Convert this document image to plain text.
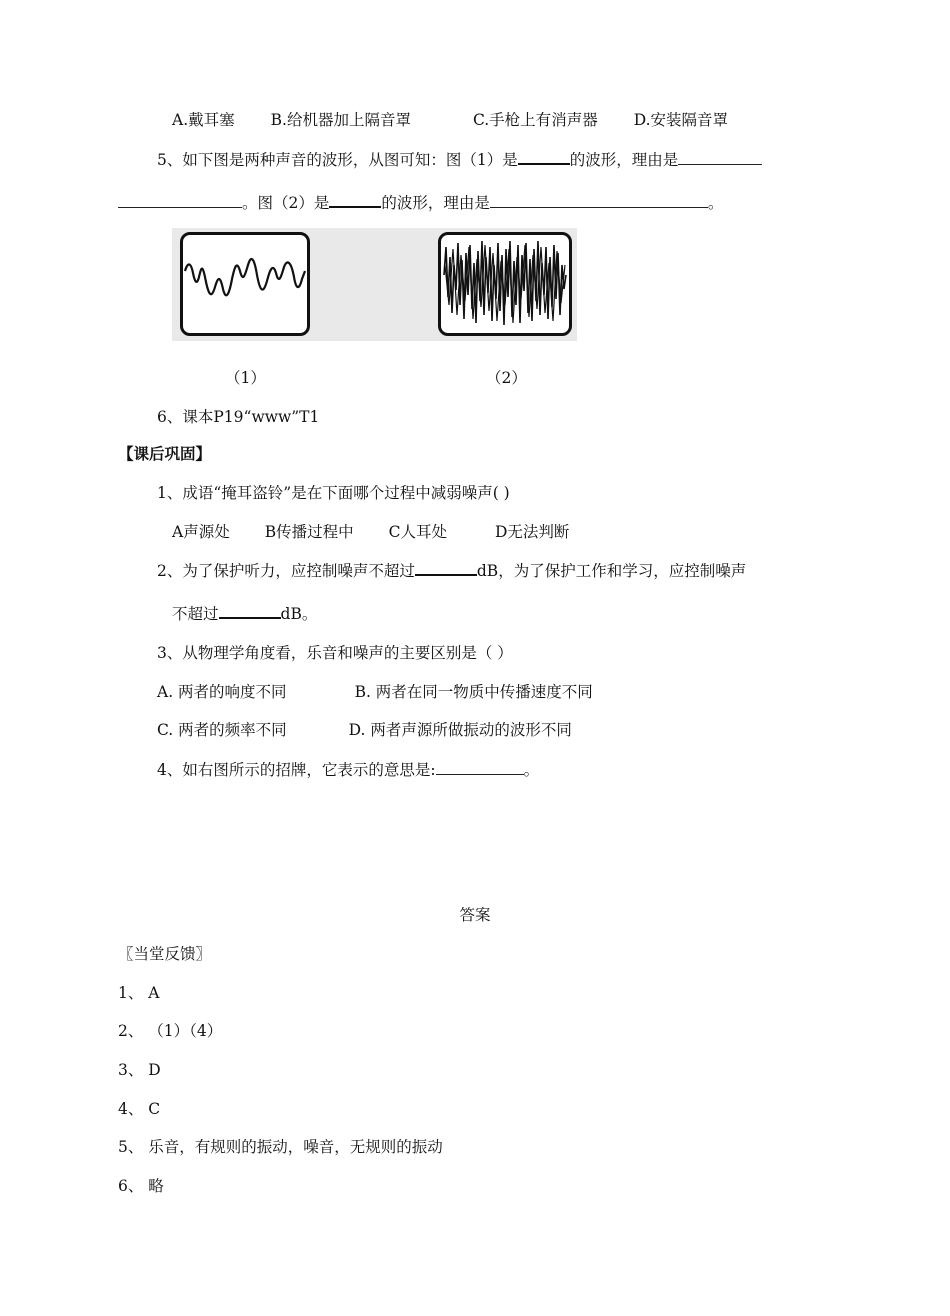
A.戴耳塞 B.给机器加上隔音罩	C.手枪上有消声器 D.安装隔音罩
5、如下图是两种声音的波形，从图可知：图（1）是	的波形，理由是
。图（2）是	的波形，理由是	。
（1）	（2）
6、课本P19“www”T1
【课后巩固】
1、成语“掩耳盗铃”是在下面哪个过程中减弱噪声( )
A声源处 B传播过程中 C人耳处	D无法判断
2、为了保护听力，应控制噪声不超过	dB，为了保护工作和学习，应控制噪声
不超过	dB。
3、从物理学角度看，乐音和噪声的主要区别是（ ）
A. 两者的响度不同	B. 两者在同一物质中传播速度不同
C. 两者的频率不同	D. 两者声源所做振动的波形不同
4、如右图所示的招牌，它表示的意思是:	。
答案
〖当堂反馈〗
1、 A
2、 （1）（4）
3、 D
4、 C
5、 乐音，有规则的振动，噪音，无规则的振动
6、 略
